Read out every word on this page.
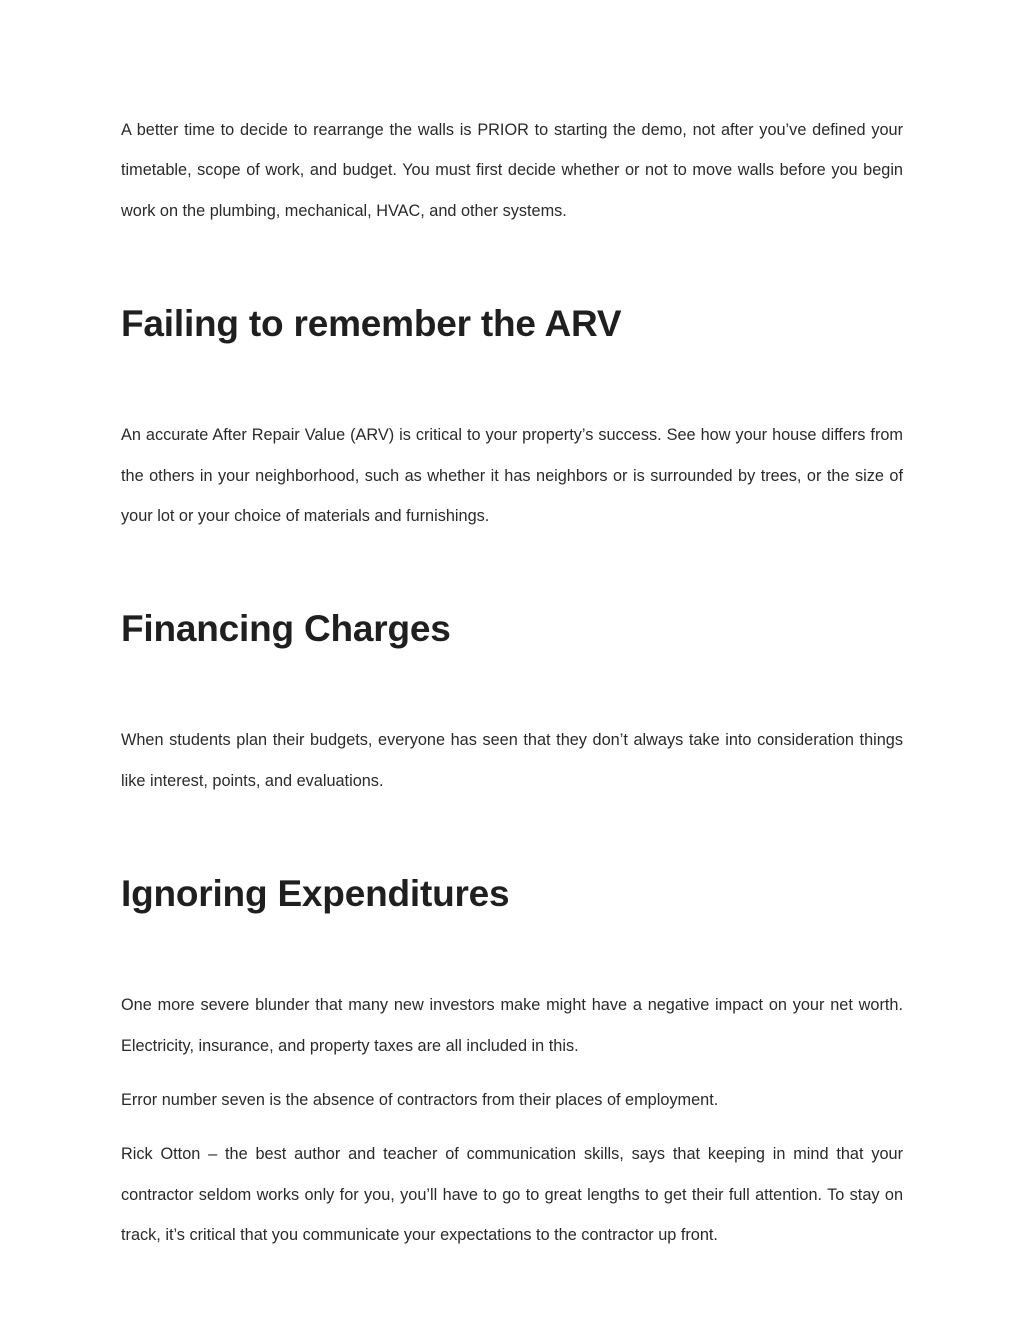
A better time to decide to rearrange the walls is PRIOR to starting the demo, not after you’ve defined your timetable, scope of work, and budget. You must first decide whether or not to move walls before you begin work on the plumbing, mechanical, HVAC, and other systems.

Failing to remember the ARV

An accurate After Repair Value (ARV) is critical to your property’s success. See how your house differs from the others in your neighborhood, such as whether it has neighbors or is surrounded by trees, or the size of your lot or your choice of materials and furnishings.

Financing Charges

When students plan their budgets, everyone has seen that they don’t always take into consideration things like interest, points, and evaluations.

Ignoring Expenditures

One more severe blunder that many new investors make might have a negative impact on your net worth. Electricity, insurance, and property taxes are all included in this.

Error number seven is the absence of contractors from their places of employment.

Rick Otton – the best author and teacher of communication skills, says that keeping in mind that your contractor seldom works only for you, you’ll have to go to great lengths to get their full attention. To stay on track, it’s critical that you communicate your expectations to the contractor up front.
